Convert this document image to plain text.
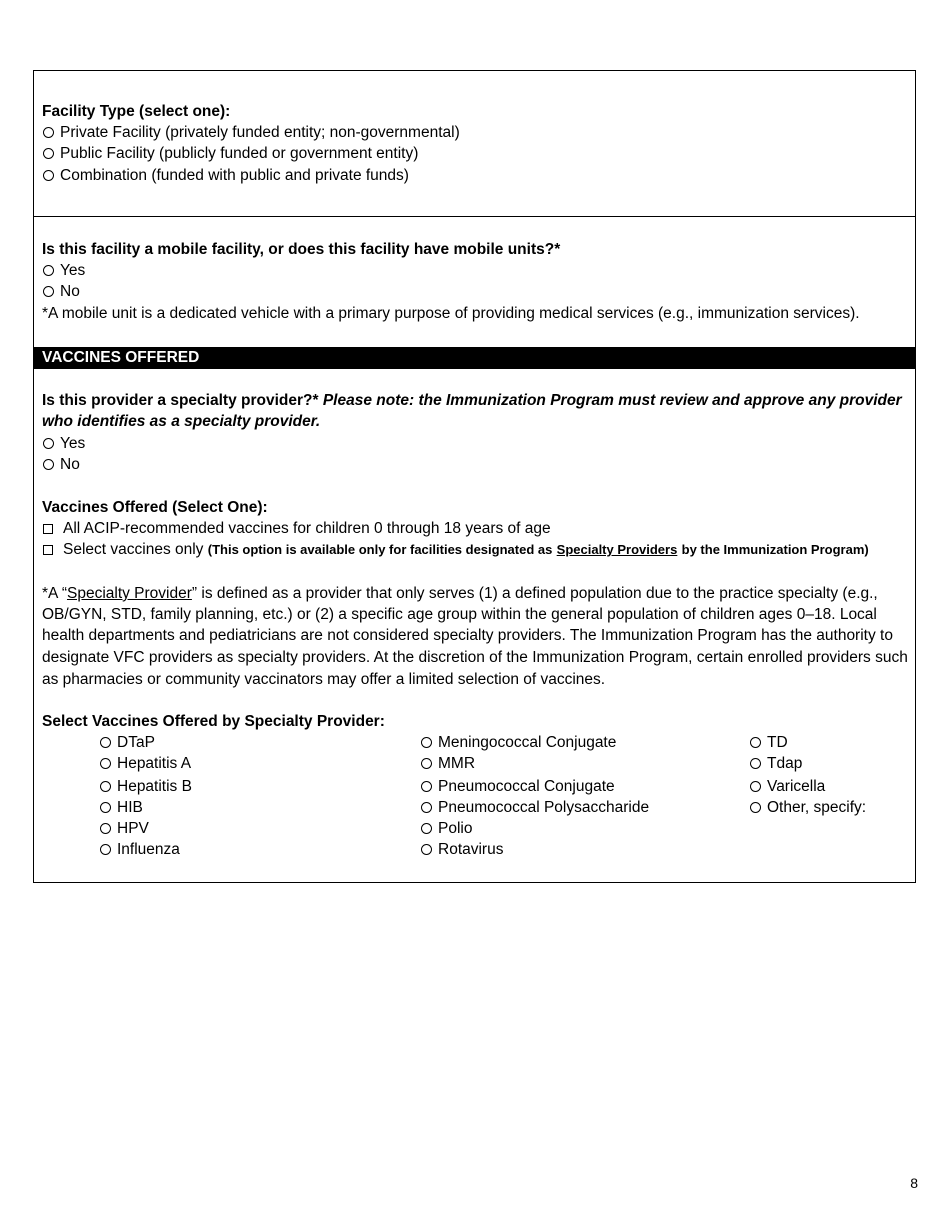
Facility Type (select one):
Private Facility (privately funded entity; non-governmental)
Public Facility (publicly funded or government entity)
Combination (funded with public and private funds)
Is this facility a mobile facility, or does this facility have mobile units?*
Yes
No
*A mobile unit is a dedicated vehicle with a primary purpose of providing medical services (e.g., immunization services).
VACCINES OFFERED
Is this provider a specialty provider?* Please note: the Immunization Program must review and approve any provider
who identifies as a specialty provider.
Yes
No
Vaccines Offered (Select One):
All ACIP-recommended vaccines for children 0 through 18 years of age
Select vaccines only (This option is available only for facilities designated as Specialty Providers by the Immunization Program)
*A “Specialty Provider” is defined as a provider that only serves (1) a defined population due to the practice specialty (e.g.,
OB/GYN, STD, family planning, etc.) or (2) a specific age group within the general population of children ages 0–18. Local
health departments and pediatricians are not considered specialty providers. The Immunization Program has the authority to
designate VFC providers as specialty providers. At the discretion of the Immunization Program, certain enrolled providers such
as pharmacies or community vaccinators may offer a limited selection of vaccines.
Select Vaccines Offered by Specialty Provider:
DTaP
Hepatitis A
Hepatitis B
HIB
HPV
Influenza
Meningococcal Conjugate
MMR
Pneumococcal Conjugate
Pneumococcal Polysaccharide
Polio
Rotavirus
TD
Tdap
Varicella
Other, specify:
8
